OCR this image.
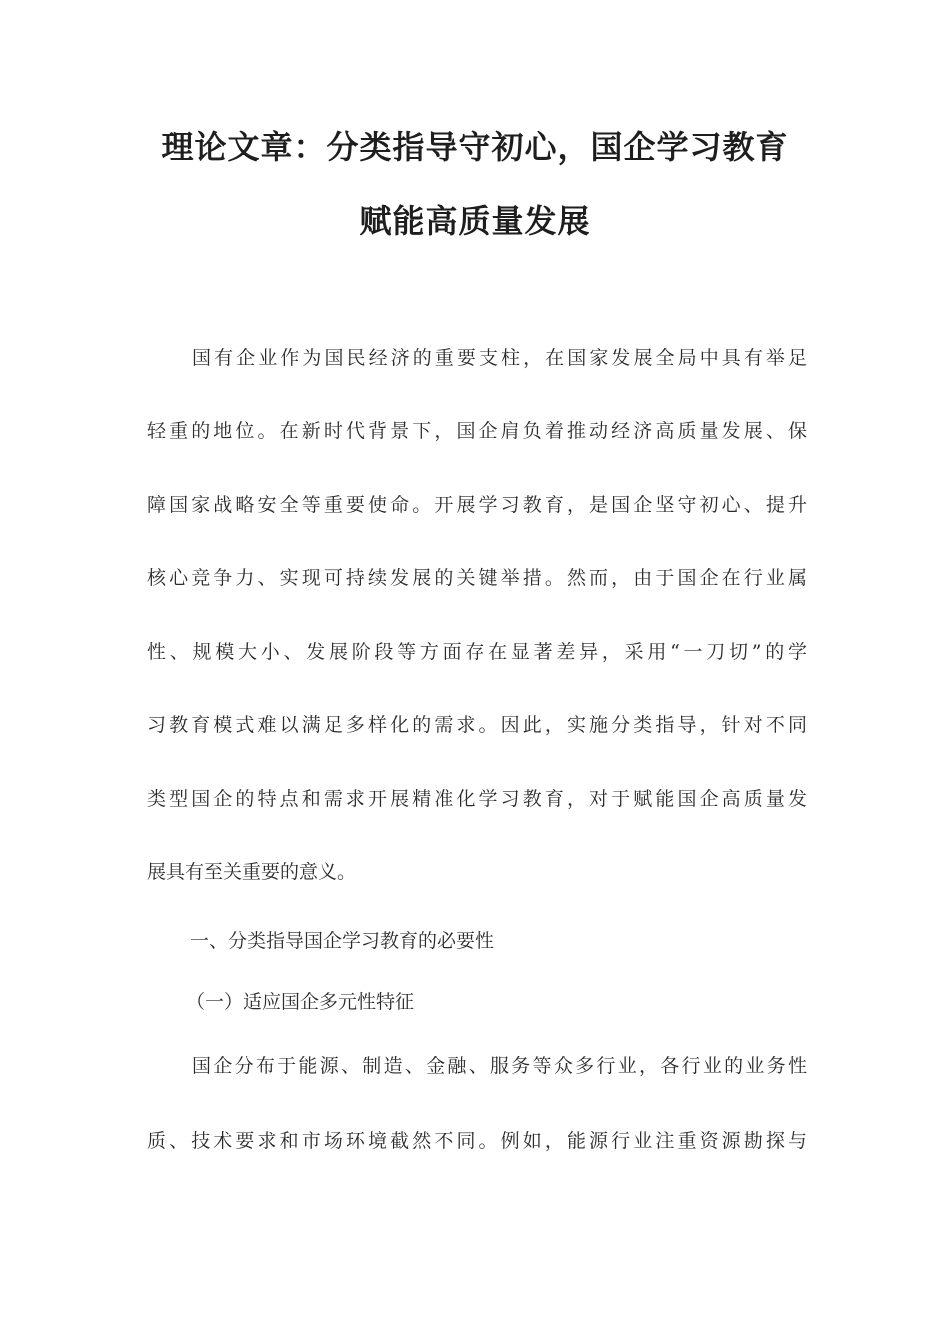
理论文章：分类指导守初心，国企学习教育
赋能高质量发展
国有企业作为国民经济的重要支柱，在国家发展全局中具有举足
轻重的地位。在新时代背景下，国企肩负着推动经济高质量发展、保
障国家战略安全等重要使命。开展学习教育，是国企坚守初心、提升
核心竞争力、实现可持续发展的关键举措。然而，由于国企在行业属
性、规模大小、发展阶段等方面存在显著差异，采用“一刀切”的学
习教育模式难以满足多样化的需求。因此，实施分类指导，针对不同
类型国企的特点和需求开展精准化学习教育，对于赋能国企高质量发
展具有至关重要的意义。
一、分类指导国企学习教育的必要性
（一）适应国企多元性特征
国企分布于能源、制造、金融、服务等众多行业，各行业的业务性
质、技术要求和市场环境截然不同。例如，能源行业注重资源勘探与
